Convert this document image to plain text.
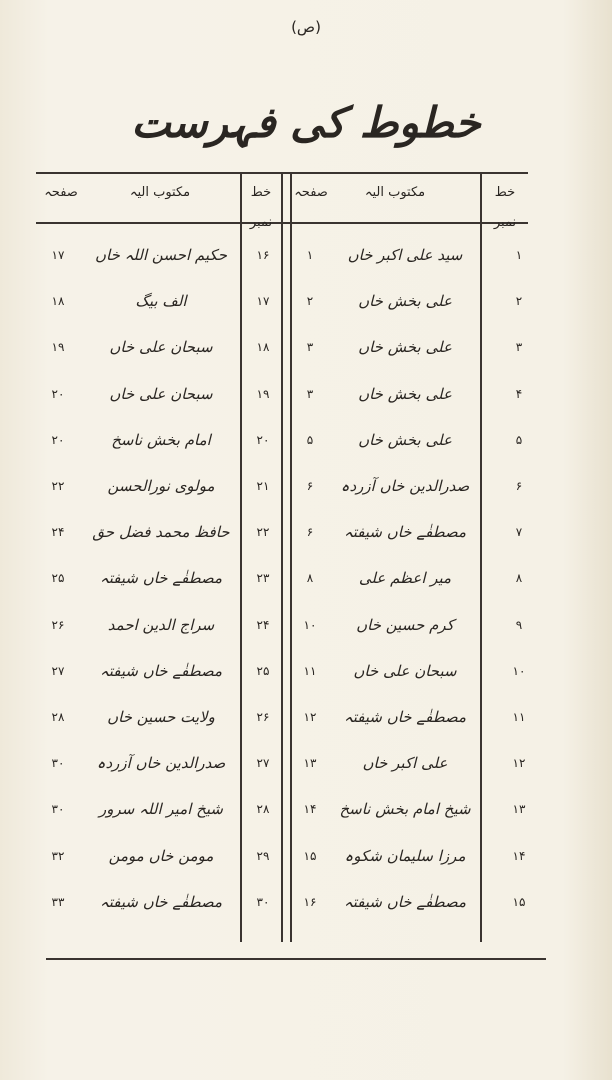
(ص)
خطوط کی فہرست
خط نمبر
مکتوب الیہ
صفحہ
خط نمبر
مکتوب الیہ
صفحہ
۱
سید علی اکبر خاں
۱
۲
علی بخش خاں
۲
۳
علی بخش خاں
۳
۴
علی بخش خاں
۳
۵
علی بخش خاں
۵
۶
صدرالدین خاں آزردہ
۶
۷
مصطفٰے خاں شیفتہ
۶
۸
میر اعظم علی
۸
۹
کرم حسین خاں
۱۰
۱۰
سبحان علی خاں
۱۱
۱۱
مصطفٰے خاں شیفتہ
۱۲
۱۲
علی اکبر خاں
۱۳
۱۳
شیخ امام بخش ناسخ
۱۴
۱۴
مرزا سلیمان شکوہ
۱۵
۱۵
مصطفٰے خاں شیفتہ
۱۶
۱۶
حکیم احسن اللہ خاں
۱۷
۱۷
الف بیگ
۱۸
۱۸
سبحان علی خاں
۱۹
۱۹
سبحان علی خاں
۲۰
۲۰
امام بخش ناسخ
۲۰
۲۱
مولوی نورالحسن
۲۲
۲۲
حافظ محمد فضل حق
۲۴
۲۳
مصطفٰے خاں شیفتہ
۲۵
۲۴
سراج الدین احمد
۲۶
۲۵
مصطفٰے خاں شیفتہ
۲۷
۲۶
ولایت حسین خاں
۲۸
۲۷
صدرالدین خاں آزردہ
۳۰
۲۸
شیخ امیر اللہ سرور
۳۰
۲۹
مومن خاں مومن
۳۲
۳۰
مصطفٰے خاں شیفتہ
۳۳
